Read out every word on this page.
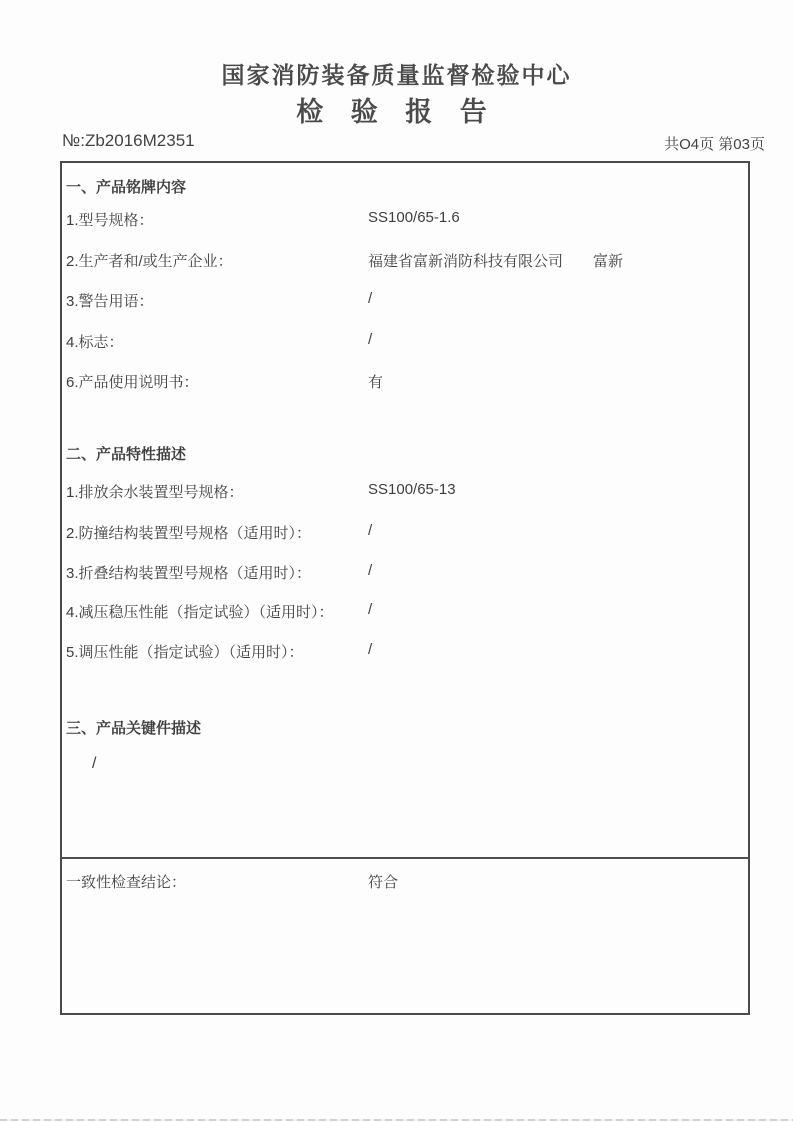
国家消防装备质量监督检验中心
检 验 报 告
№:Zb2016M2351	共O4页 第03页
一、产品铭牌内容
1.型号规格：	SS100/65-1.6
2.生产者和/或生产企业：	福建省富新消防科技有限公司　　富新
3.警告用语：	/
4.标志：	/
6.产品使用说明书：	有
二、产品特性描述
1.排放余水装置型号规格：	SS100/65-13
2.防撞结构装置型号规格（适用时）：	/
3.折叠结构装置型号规格（适用时）：	/
4.减压稳压性能（指定试验）（适用时）： /
5.调压性能（指定试验）（适用时）：	/
三、产品关键件描述
/
一致性检查结论：	符合
